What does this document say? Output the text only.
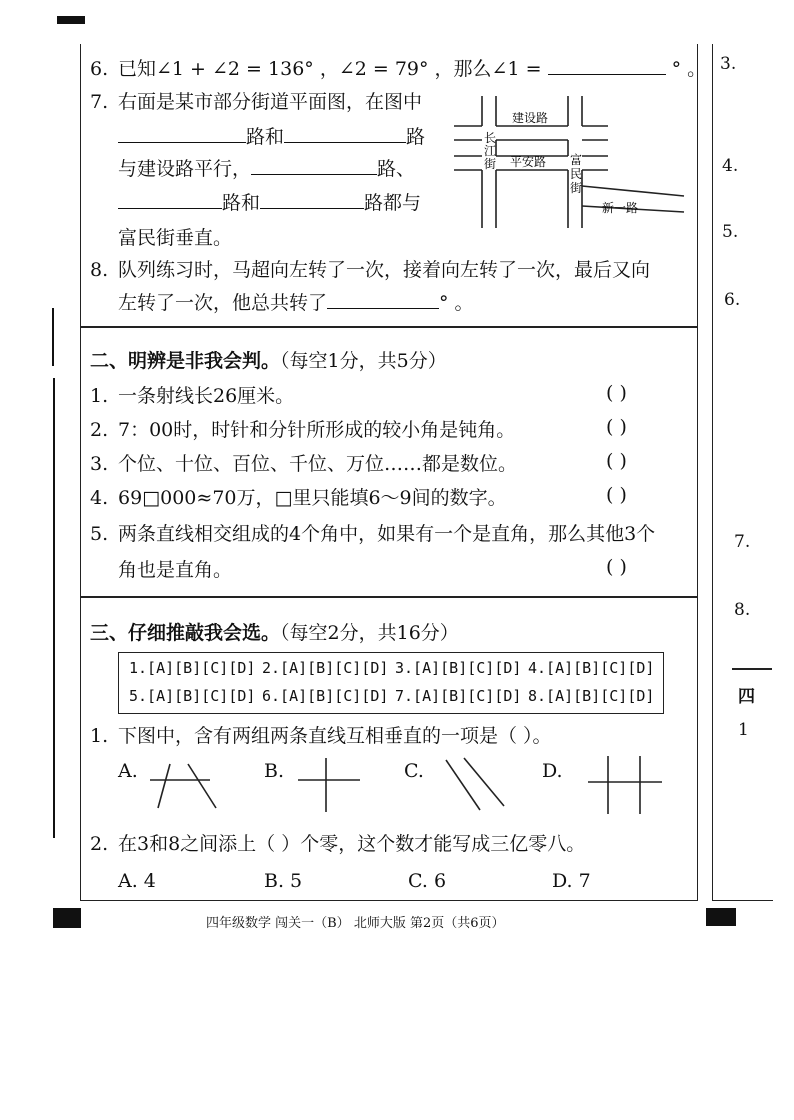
3.
4.
5.
6.
7.
8.
四
1
6. 已知∠1 + ∠2 = 136° ，∠2 = 79° ，那么∠1 =	° 。
7. 右面是某市部分街道平面图，在图中
路和	路
与建设路平行，	路、
路和	路都与
富民街垂直。
建设路
平安路
新一路
长
江
街	富
民
街
8. 队列练习时，马超向左转了一次，接着向左转了一次，最后又向
左转了一次，他总共转了	° 。
二、明辨是非我会判。（每空1分，共5分）
1. 一条射线长26厘米。	( )
2. 7：00时，时针和分针所形成的较小角是钝角。	( )
3. 个位、十位、百位、千位、万位……都是数位。	( )
4. 69□000≈70万，□里只能填6～9间的数字。	( )
5. 两条直线相交组成的4个角中，如果有一个是直角，那么其他3个
角也是直角。	( )
三、仔细推敲我会选。（每空2分，共16分）
1.[A][B][C][D] 2.[A][B][C][D] 3.[A][B][C][D] 4.[A][B][C][D]
5.[A][B][C][D] 6.[A][B][C][D] 7.[A][B][C][D] 8.[A][B][C][D]
1. 下图中，含有两组两条直线互相垂直的一项是（ ）。
A.	B.	C.	D.
2. 在3和8之间添上（ ）个零，这个数才能写成三亿零八。
A. 4	B. 5	C. 6	D. 7
四年级数学 闯关一（B） 北师大版 第2页（共6页）
